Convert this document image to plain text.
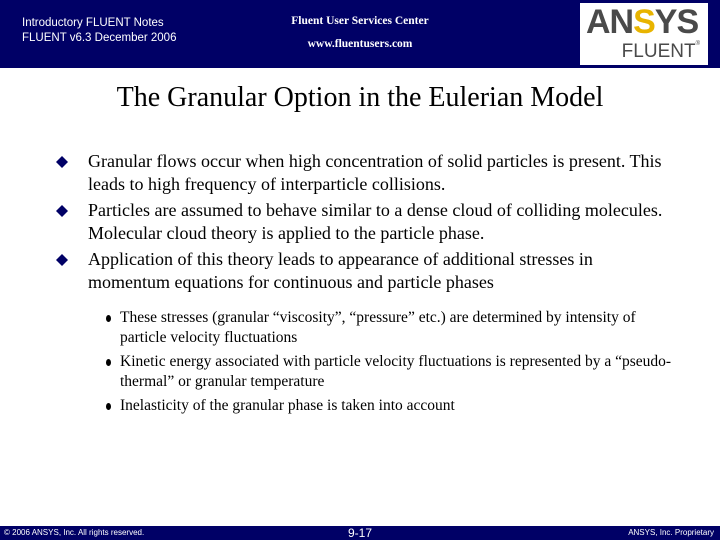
Introductory FLUENT Notes
FLUENT v6.3 December 2006
Fluent User Services Center
www.fluentusers.com
ANSYS
FLUENT®
The Granular Option in the Eulerian Model
Granular flows occur when high concentration of solid particles is present. This leads to high frequency of interparticle collisions.
Particles are assumed to behave similar to a dense cloud of colliding molecules. Molecular cloud theory is applied to the particle phase.
Application of this theory leads to appearance of additional stresses in momentum equations for continuous and particle phases
These stresses (granular “viscosity”, “pressure” etc.) are determined by intensity of particle velocity fluctuations
Kinetic energy associated with particle velocity fluctuations is represented by a “pseudo-thermal” or granular temperature
Inelasticity of the granular phase is taken into account
© 2006 ANSYS, Inc. All rights reserved.	9-17	ANSYS, Inc. Proprietary
